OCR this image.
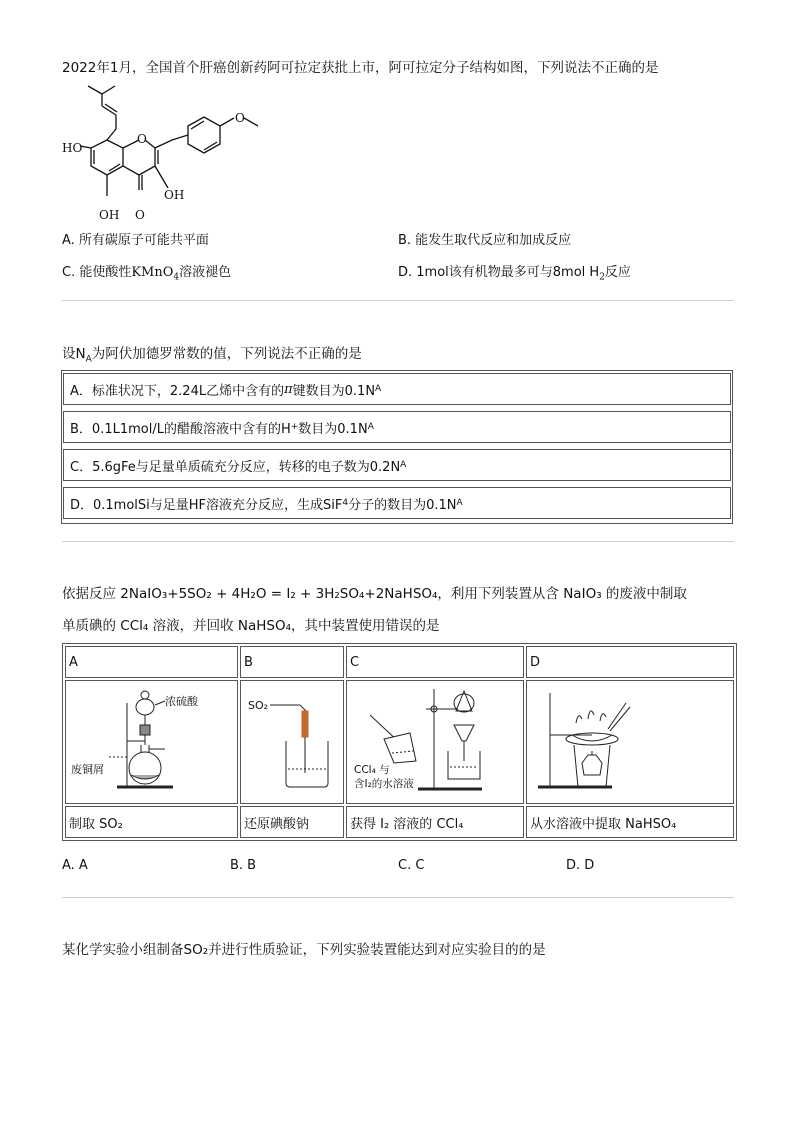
2022年1月，全国首个肝癌创新药阿可拉定获批上市，阿可拉定分子结构如图，下列说法不正确的是
HO
O
OH
OH O
O
A. 所有碳原子可能共平面	B. 能发生取代反应和加成反应
C. 能使酸性KMnO$_4$溶液褪色	D. 1mol该有机物最多可与8mol $H_2$反应
设$N_A$为阿伏加德罗常数的值，下列说法不正确的是
A．标准状况下，2.24L乙烯中含有的 π 键数目为0.1N A
B．0.1L1mol/L的醋酸溶液中含有的H + 数目为0.1N A
C．5.6gFe与足量单质硫充分反应，转移的电子数为0.2N A
D．0.1molSi与足量HF溶液充分反应，生成SiF 4 分子的数目为0.1N A
依据反应 2NaIO₃+5SO₂ + 4H₂O = I₂ + 3H₂SO₄+2NaHSO₄，利用下列装置从含 NaIO₃ 的废液中制取
单质碘的 CCl₄ 溶液，并回收 NaHSO₄，其中装置使用错误的是
A	B	C	D

浓硫酸
废铜屑	SO₂	CCl₄ 与
含I₂的水溶液

制取 SO₂	还原碘酸钠	获得 I₂ 溶液的 CCl₄	从水溶液中提取 NaHSO₄
A. A	B. B	C. C	D. D
某化学实验小组制备SO₂并进行性质验证，下列实验装置能达到对应实验目的的是
